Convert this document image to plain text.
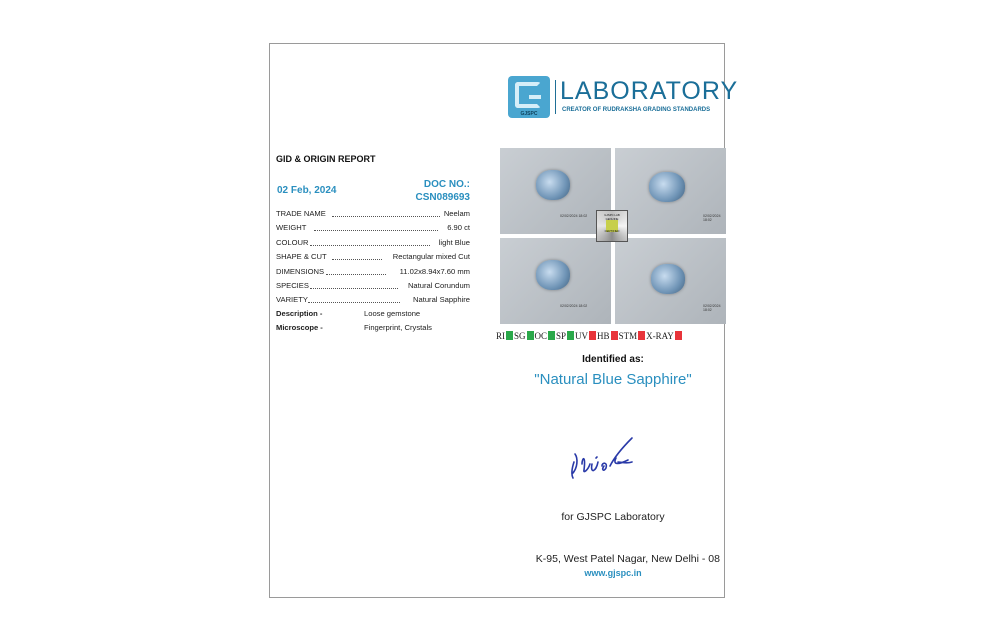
GJSPC
LABORATORY
CREATOR OF RUDRAKSHA GRADING STANDARDS
GID & ORIGIN REPORT
02 Feb, 2024
DOC NO.:
CSN089693
TRADE NAME	Neelam
WEIGHT	6.90 ct
COLOUR	light Blue
SHAPE & CUT	Rectangular mixed Cut
DIMENSIONS	11.02x8.94x7.60 mm
SPECIES	Natural Corundum
VARIETY	Natural Sapphire
Description -	Loose gemstone
Microscope -	Fingerprint, Crystals
02/02/2024 18:02	02/02/2024 18:02
02/02/2024 18:02	02/02/2024 18:02
GJSPC LAB
GENUINE
CERTIFIED
RI SG OC SP UV HB STM X-RAY
Identified as:
"Natural Blue Sapphire"
for GJSPC Laboratory
K-95, West Patel Nagar, New Delhi - 08
www.gjspc.in
